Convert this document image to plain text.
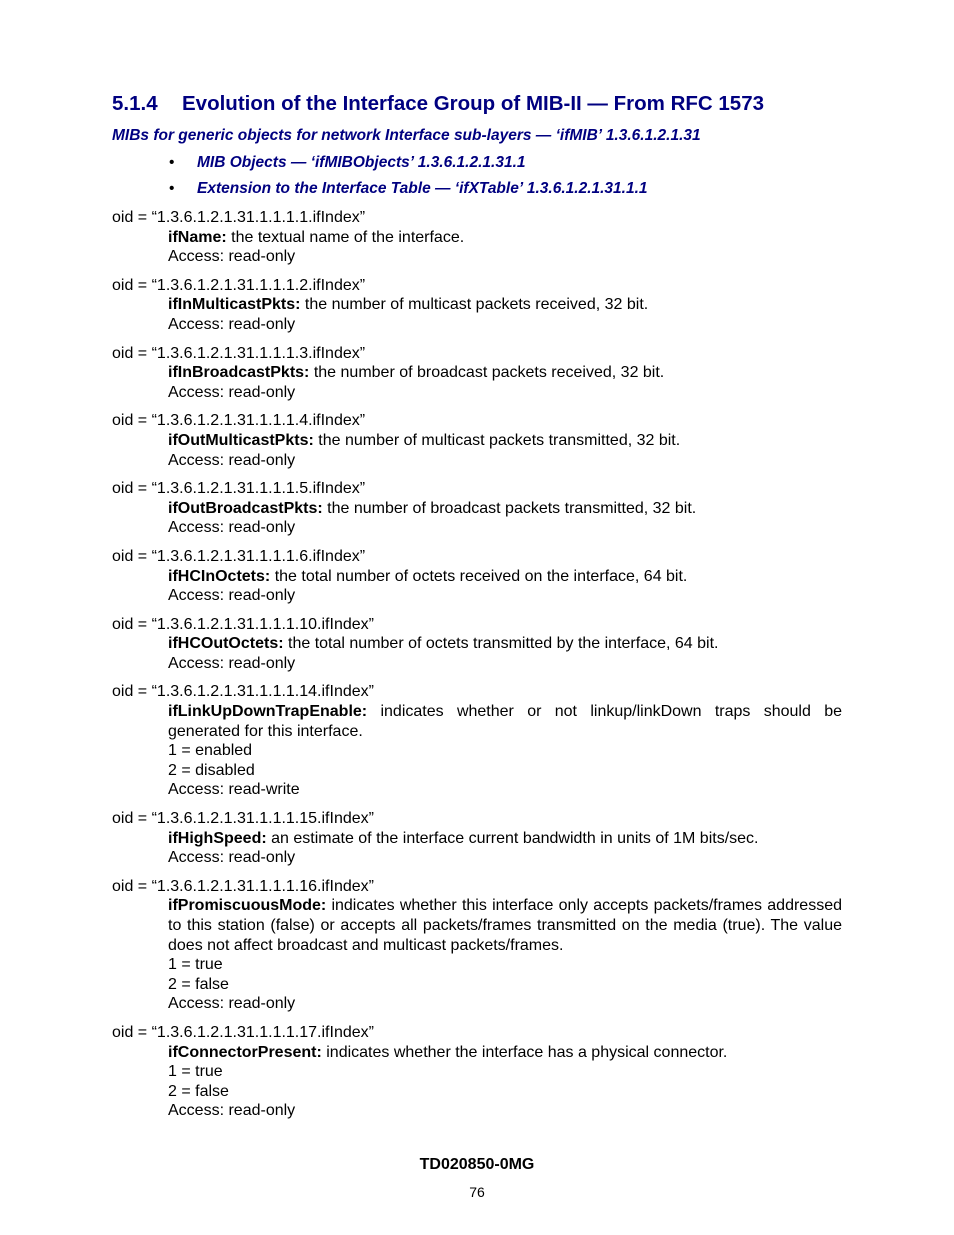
5.1.4 Evolution of the Interface Group of MIB-II — From RFC 1573

MIBs for generic objects for network Interface sub-layers — ‘ifMIB’ 1.3.6.1.2.1.31

• MIB Objects — ‘ifMIBObjects’ 1.3.6.1.2.1.31.1
• Extension to the Interface Table — ‘ifXTable’ 1.3.6.1.2.1.31.1.1
oid = “1.3.6.1.2.1.31.1.1.1.1.ifIndex”
ifName: the textual name of the interface.
Access: read-only
oid = “1.3.6.1.2.1.31.1.1.1.2.ifIndex”
ifInMulticastPkts: the number of multicast packets received, 32 bit.
Access: read-only
oid = “1.3.6.1.2.1.31.1.1.1.3.ifIndex”
ifInBroadcastPkts: the number of broadcast packets received, 32 bit.
Access: read-only
oid = “1.3.6.1.2.1.31.1.1.1.4.ifIndex”
ifOutMulticastPkts: the number of multicast packets transmitted, 32 bit.
Access: read-only
oid = “1.3.6.1.2.1.31.1.1.1.5.ifIndex”
ifOutBroadcastPkts: the number of broadcast packets transmitted, 32 bit.
Access: read-only
oid = “1.3.6.1.2.1.31.1.1.1.6.ifIndex”
ifHCInOctets: the total number of octets received on the interface, 64 bit.
Access: read-only
oid = “1.3.6.1.2.1.31.1.1.1.10.ifIndex”
ifHCOutOctets: the total number of octets transmitted by the interface, 64 bit.
Access: read-only
oid = “1.3.6.1.2.1.31.1.1.1.14.ifIndex”
ifLinkUpDownTrapEnable: indicates whether or not linkup/linkDown traps should be generated for this interface.
1 = enabled
2 = disabled
Access: read-write
oid = “1.3.6.1.2.1.31.1.1.1.15.ifIndex”
ifHighSpeed: an estimate of the interface current bandwidth in units of 1M bits/sec.
Access: read-only
oid = “1.3.6.1.2.1.31.1.1.1.16.ifIndex”
ifPromiscuousMode: indicates whether this interface only accepts packets/frames addressed to this station (false) or accepts all packets/frames transmitted on the media (true). The value does not affect broadcast and multicast packets/frames.
1 = true
2 = false
Access: read-only
oid = “1.3.6.1.2.1.31.1.1.1.17.ifIndex”
ifConnectorPresent: indicates whether the interface has a physical connector.
1 = true
2 = false
Access: read-only
TD020850-0MG
76
